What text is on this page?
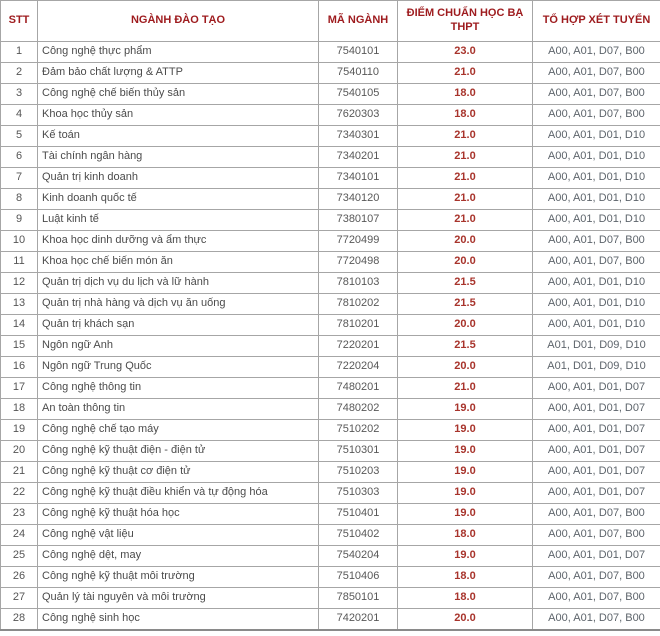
STT	NGÀNH ĐÀO TẠO	MÃ NGÀNH	ĐIỂM CHUẨN HỌC BẠ THPT	TỔ HỢP XÉT TUYỂN
1	Công nghệ thực phẩm	7540101	23.0	A00, A01, D07, B00
2	Đảm bảo chất lượng & ATTP	7540110	21.0	A00, A01, D07, B00
3	Công nghệ chế biến thủy sản	7540105	18.0	A00, A01, D07, B00
4	Khoa học thủy sản	7620303	18.0	A00, A01, D07, B00
5	Kế toán	7340301	21.0	A00, A01, D01, D10
6	Tài chính ngân hàng	7340201	21.0	A00, A01, D01, D10
7	Quản trị kinh doanh	7340101	21.0	A00, A01, D01, D10
8	Kinh doanh quốc tế	7340120	21.0	A00, A01, D01, D10
9	Luật kinh tế	7380107	21.0	A00, A01, D01, D10
10	Khoa học dinh dưỡng và ẩm thực	7720499	20.0	A00, A01, D07, B00
11	Khoa học chế biến món ăn	7720498	20.0	A00, A01, D07, B00
12	Quản trị dịch vụ du lịch và lữ hành	7810103	21.5	A00, A01, D01, D10
13	Quản trị nhà hàng và dịch vụ ăn uống	7810202	21.5	A00, A01, D01, D10
14	Quản trị khách sạn	7810201	20.0	A00, A01, D01, D10
15	Ngôn ngữ Anh	7220201	21.5	A01, D01, D09, D10
16	Ngôn ngữ Trung Quốc	7220204	20.0	A01, D01, D09, D10
17	Công nghệ thông tin	7480201	21.0	A00, A01, D01, D07
18	An toàn thông tin	7480202	19.0	A00, A01, D01, D07
19	Công nghệ chế tạo máy	7510202	19.0	A00, A01, D01, D07
20	Công nghệ kỹ thuật điện - điện tử	7510301	19.0	A00, A01, D01, D07
21	Công nghệ kỹ thuật cơ điện tử	7510203	19.0	A00, A01, D01, D07
22	Công nghệ kỹ thuật điều khiển và tự động hóa	7510303	19.0	A00, A01, D01, D07
23	Công nghệ kỹ thuật hóa học	7510401	19.0	A00, A01, D07, B00
24	Công nghệ vật liệu	7510402	18.0	A00, A01, D07, B00
25	Công nghệ dệt, may	7540204	19.0	A00, A01, D01, D07
26	Công nghệ kỹ thuật môi trường	7510406	18.0	A00, A01, D07, B00
27	Quản lý tài nguyên và môi trường	7850101	18.0	A00, A01, D07, B00
28	Công nghệ sinh học	7420201	20.0	A00, A01, D07, B00
